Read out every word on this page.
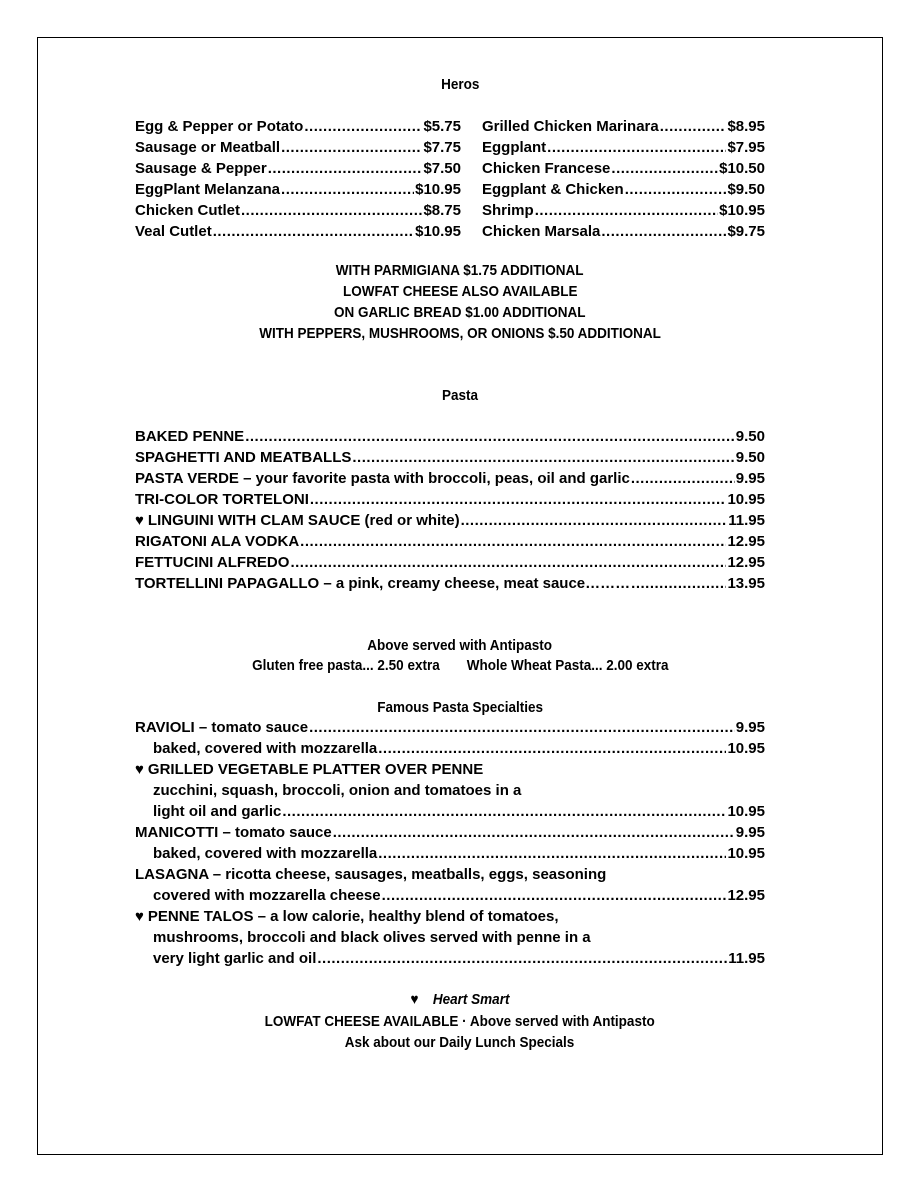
Heros
Egg & Pepper or Potato .....	$5.75
Sausage or Meatball .....	$7.75
Sausage & Pepper .....	$7.50
EggPlant Melanzana .....	$10.95
Chicken Cutlet .....	$8.75
Veal Cutlet .....	$10.95
Grilled Chicken Marinara .....	$8.95
Eggplant .....	$7.95
Chicken Francese .....	$10.50
Eggplant & Chicken .....	$9.50
Shrimp .....	$10.95
Chicken Marsala .....	$9.75
WITH PARMIGIANA $1.75 ADDITIONAL
LOWFAT CHEESE ALSO AVAILABLE
ON GARLIC BREAD $1.00 ADDITIONAL
WITH PEPPERS, MUSHROOMS, OR ONIONS $.50 ADDITIONAL
Pasta
BAKED PENNE .....	9.50
SPAGHETTI AND MEATBALLS .....	9.50
PASTA VERDE – your favorite pasta with broccoli, peas, oil and garlic .....	9.95
TRI-COLOR TORTELONI .....	10.95
♥ LINGUINI WITH CLAM SAUCE (red or white) .....	11.95
RIGATONI ALA VODKA .....	12.95
FETTUCINI ALFREDO .....	12.95
TORTELLINI PAPAGALLO – a pink, creamy cheese, meat sauce……… .....	13.95
Above served with Antipasto
Gluten free pasta... 2.50 extra Whole Wheat Pasta... 2.00 extra
Famous Pasta Specialties
RAVIOLI – tomato sauce .....	9.95
baked, covered with mozzarella .....	10.95
♥ GRILLED VEGETABLE PLATTER OVER PENNE
zucchini, squash, broccoli, onion and tomatoes in a
light oil and garlic .....	10.95
MANICOTTI – tomato sauce .....	9.95
baked, covered with mozzarella .....	10.95
LASAGNA – ricotta cheese, sausages, meatballs, eggs, seasoning
covered with mozzarella cheese .....	12.95
♥ PENNE TALOS – a low calorie, healthy blend of tomatoes,
mushrooms, broccoli and black olives served with penne in a
very light garlic and oil .....	11.95
♥ Heart Smart
LOWFAT CHEESE AVAILABLE · Above served with Antipasto
Ask about our Daily Lunch Specials
